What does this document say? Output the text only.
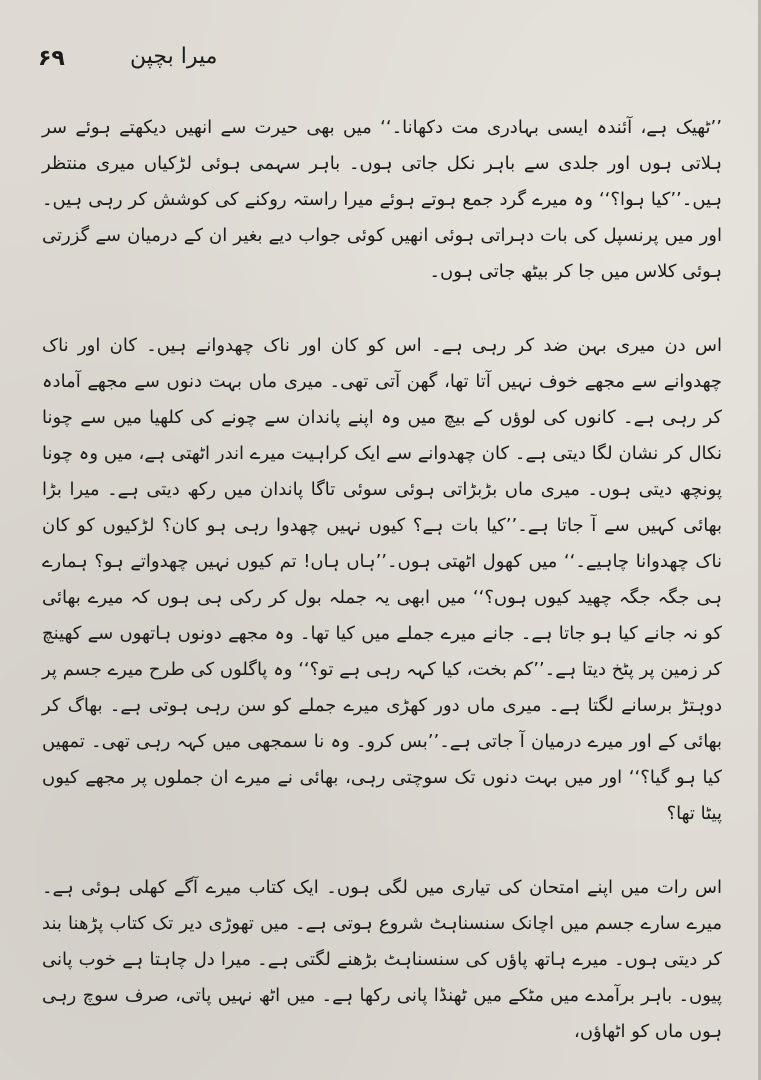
۶۹	میرا بچپن

’’ٹھیک ہے، آئندہ ایسی بہادری مت دکھانا۔‘‘ میں بھی حیرت سے انھیں دیکھتے ہوئے سر ہلاتی ہوں اور جلدی سے باہر نکل جاتی ہوں۔ باہر سہمی ہوئی لڑکیاں میری منتظر ہیں۔’’کیا ہوا؟‘‘ وہ میرے گرد جمع ہوتے ہوئے میرا راستہ روکنے کی کوشش کر رہی ہیں۔ اور میں پرنسپل کی بات دہراتی ہوئی انھیں کوئی جواب دیے بغیر ان کے درمیان سے گزرتی ہوئی کلاس میں جا کر بیٹھ جاتی ہوں۔

اس دن میری بہن ضد کر رہی ہے۔ اس کو کان اور ناک چھدوانے ہیں۔ کان اور ناک چھدوانے سے مجھے خوف نہیں آتا تھا، گھن آتی تھی۔ میری ماں بہت دنوں سے مجھے آمادہ کر رہی ہے۔ کانوں کی لوؤں کے بیچ میں وہ اپنے پاندان سے چونے کی کلھیا میں سے چونا نکال کر نشان لگا دیتی ہے۔ کان چھدوانے سے ایک کراہیت میرے اندر اٹھتی ہے، میں وہ چونا پونچھ دیتی ہوں۔ میری ماں بڑبڑاتی ہوئی سوئی تاگا پاندان میں رکھ دیتی ہے۔ میرا بڑا بھائی کہیں سے آ جاتا ہے۔’’کیا بات ہے؟ کیوں نہیں چھدوا رہی ہو کان؟ لڑکیوں کو کان ناک چھدوانا چاہیے۔‘‘ میں کھول اٹھتی ہوں۔’’ہاں ہاں! تم کیوں نہیں چھدواتے ہو؟ ہمارے ہی جگہ جگہ چھید کیوں ہوں؟‘‘ میں ابھی یہ جملہ بول کر رکی ہی ہوں کہ میرے بھائی کو نہ جانے کیا ہو جاتا ہے۔ جانے میرے جملے میں کیا تھا۔ وہ مجھے دونوں ہاتھوں سے کھینچ کر زمین پر پٹخ دیتا ہے۔’’کم بخت، کیا کہہ رہی ہے تو؟‘‘ وہ پاگلوں کی طرح میرے جسم پر دوہتڑ برسانے لگتا ہے۔ میری ماں دور کھڑی میرے جملے کو سن رہی ہوتی ہے۔ بھاگ کر بھائی کے اور میرے درمیان آ جاتی ہے۔’’بس کرو۔ وہ نا سمجھی میں کہہ رہی تھی۔ تمھیں کیا ہو گیا؟‘‘ اور میں بہت دنوں تک سوچتی رہی، بھائی نے میرے ان جملوں پر مجھے کیوں پیٹا تھا؟

اس رات میں اپنے امتحان کی تیاری میں لگی ہوں۔ ایک کتاب میرے آگے کھلی ہوئی ہے۔ میرے سارے جسم میں اچانک سنسناہٹ شروع ہوتی ہے۔ میں تھوڑی دیر تک کتاب پڑھنا بند کر دیتی ہوں۔ میرے ہاتھ پاؤں کی سنسناہٹ بڑھنے لگتی ہے۔ میرا دل چاہتا ہے خوب پانی پیوں۔ باہر برآمدے میں مٹکے میں ٹھنڈا پانی رکھا ہے۔ میں اٹھ نہیں پاتی، صرف سوچ رہی ہوں ماں کو اٹھاؤں،
